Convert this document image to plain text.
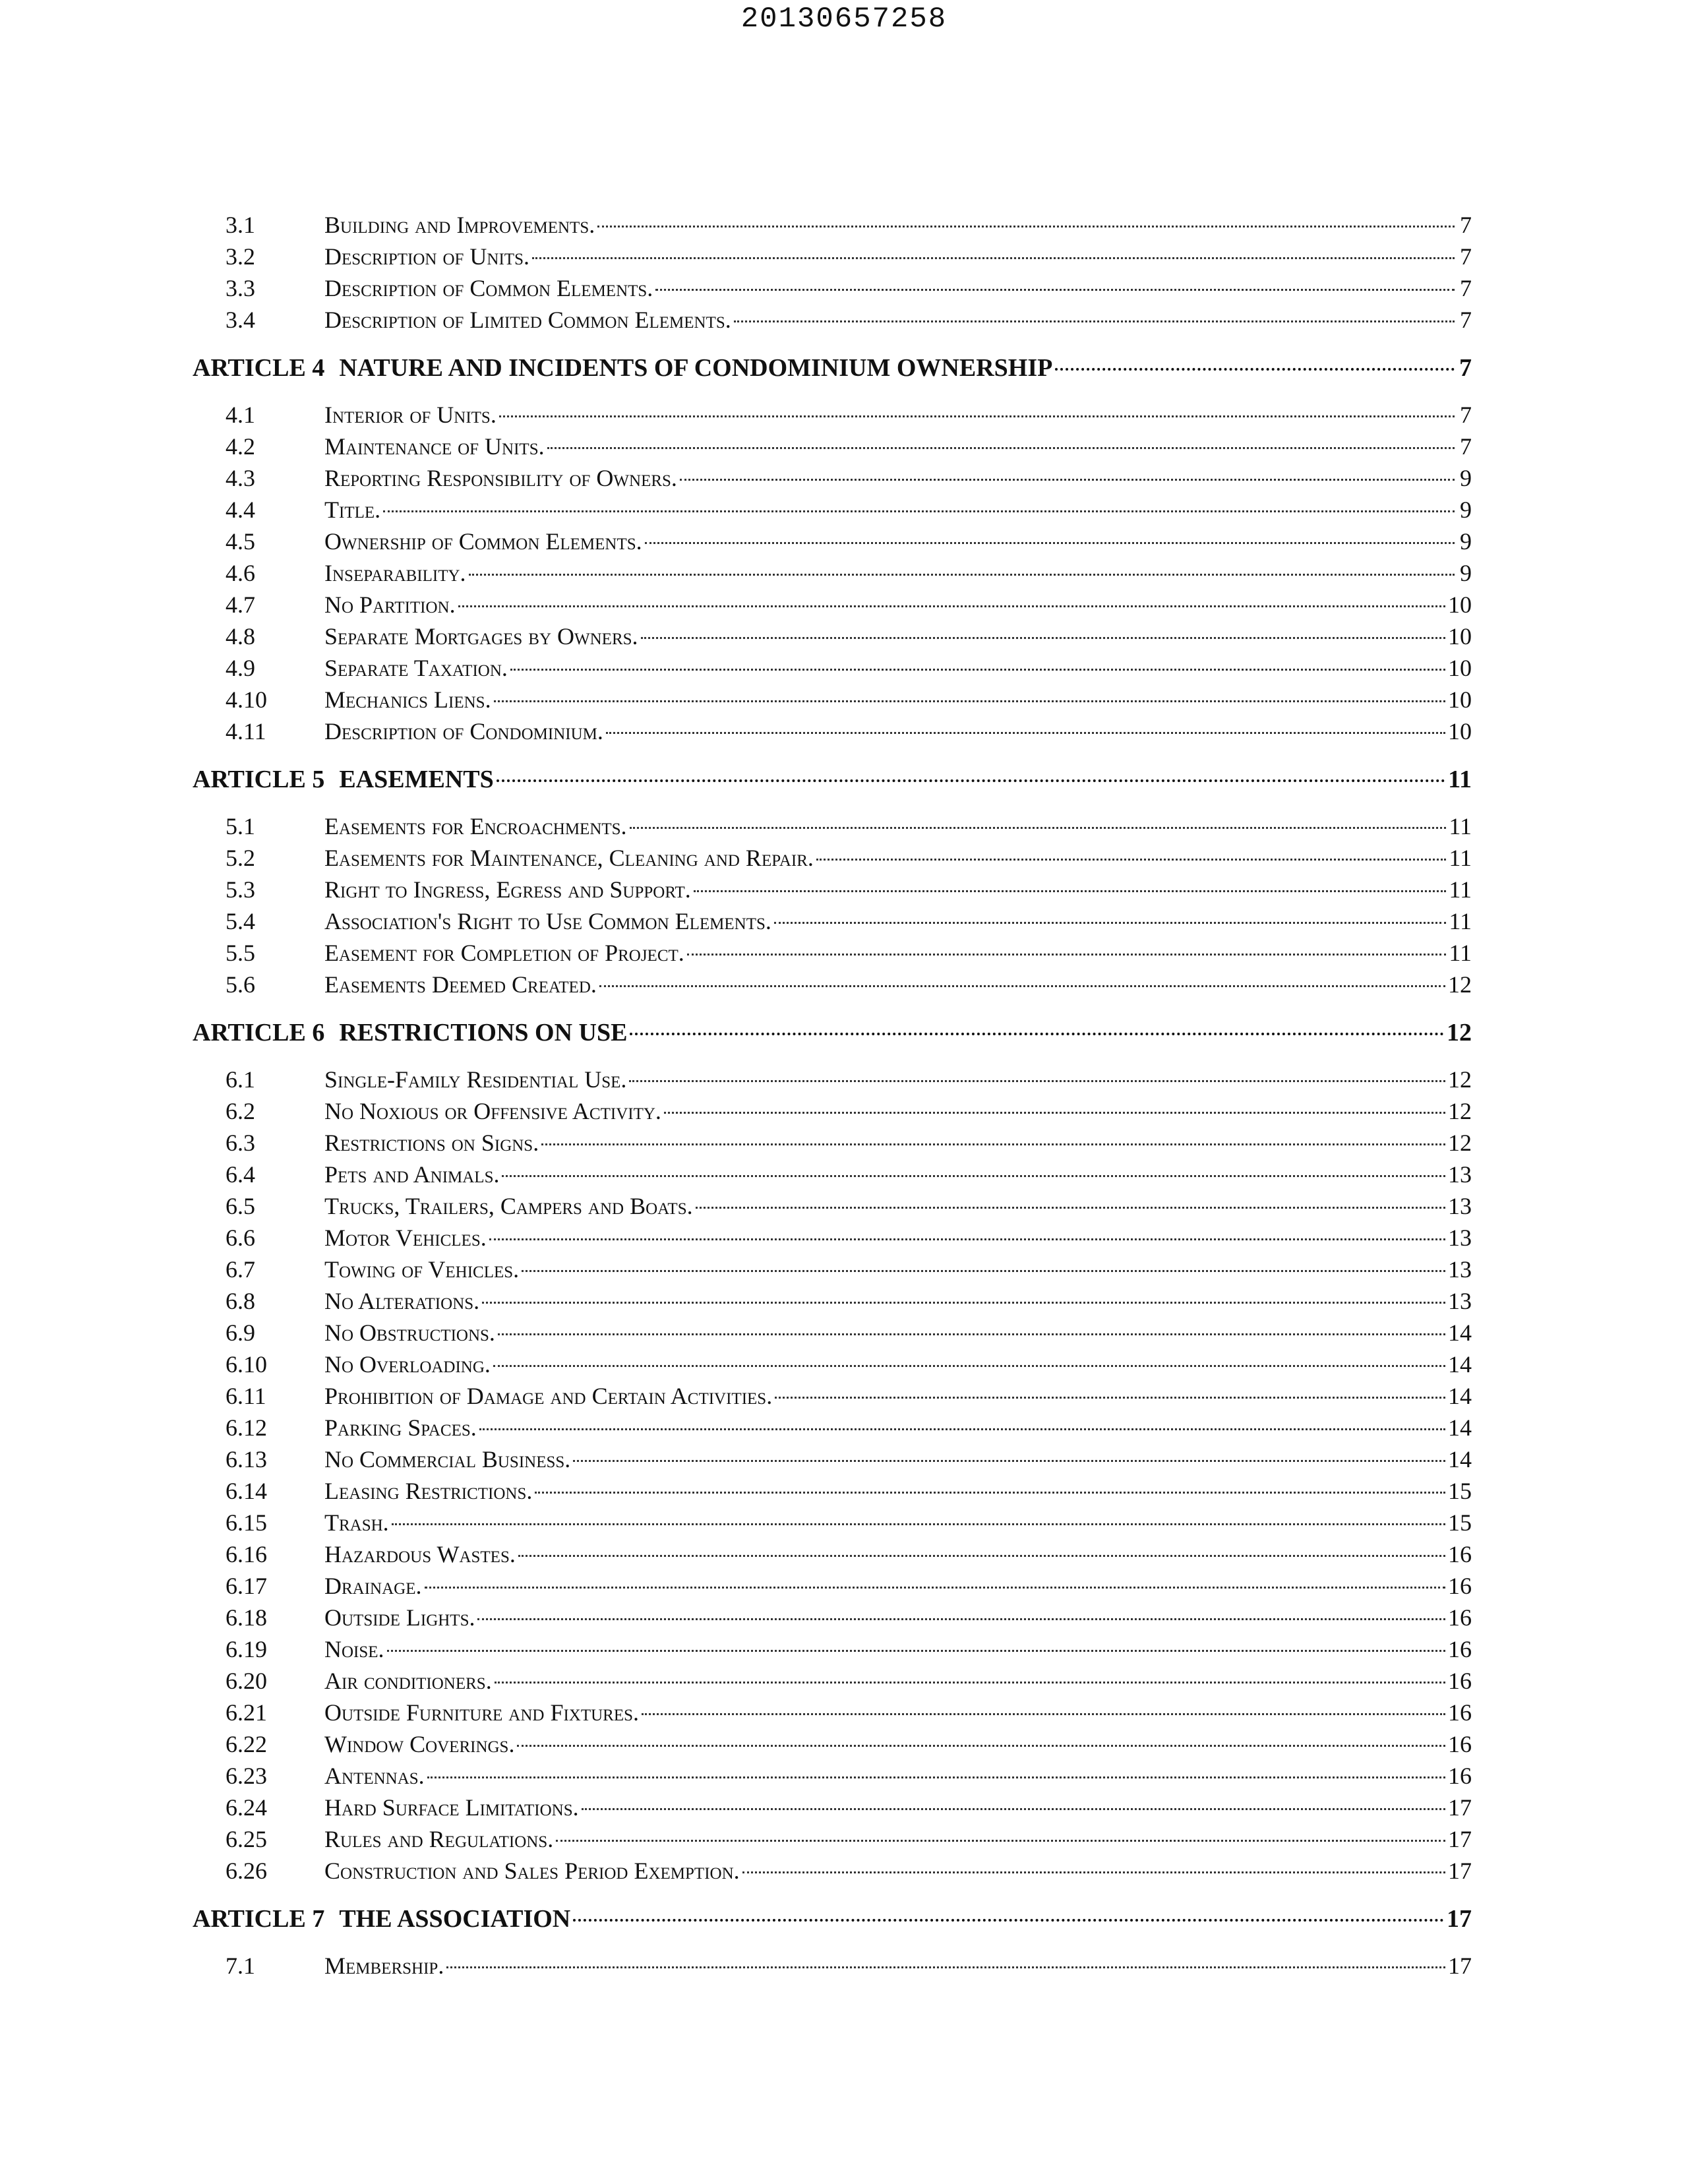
20130657258
3.1	Building and Improvements.	7
3.2	Description of Units.	7
3.3	Description of Common Elements.	7
3.4	Description of Limited Common Elements.	7
ARTICLE 4 NATURE AND INCIDENTS OF CONDOMINIUM OWNERSHIP	7
4.1	Interior of Units.	7
4.2	Maintenance of Units.	7
4.3	Reporting Responsibility of Owners.	9
4.4	Title.	9
4.5	Ownership of Common Elements.	9
4.6	Inseparability.	9
4.7	No Partition.	10
4.8	Separate Mortgages by Owners.	10
4.9	Separate Taxation.	10
4.10	Mechanics Liens.	10
4.11	Description of Condominium.	10
ARTICLE 5 EASEMENTS	11
5.1	Easements for Encroachments.	11
5.2	Easements for Maintenance, Cleaning and Repair.	11
5.3	Right to Ingress, Egress and Support.	11
5.4	Association's Right to Use Common Elements.	11
5.5	Easement for Completion of Project.	11
5.6	Easements Deemed Created.	12
ARTICLE 6 RESTRICTIONS ON USE	12
6.1	Single-Family Residential Use.	12
6.2	No Noxious or Offensive Activity.	12
6.3	Restrictions on Signs.	12
6.4	Pets and Animals.	13
6.5	Trucks, Trailers, Campers and Boats.	13
6.6	Motor Vehicles.	13
6.7	Towing of Vehicles.	13
6.8	No Alterations.	13
6.9	No Obstructions.	14
6.10	No Overloading.	14
6.11	Prohibition of Damage and Certain Activities.	14
6.12	Parking Spaces.	14
6.13	No Commercial Business.	14
6.14	Leasing Restrictions.	15
6.15	Trash.	15
6.16	Hazardous Wastes.	16
6.17	Drainage.	16
6.18	Outside Lights.	16
6.19	Noise.	16
6.20	Air conditioners.	16
6.21	Outside Furniture and Fixtures.	16
6.22	Window Coverings.	16
6.23	Antennas.	16
6.24	Hard Surface Limitations.	17
6.25	Rules and Regulations.	17
6.26	Construction and Sales Period Exemption.	17
ARTICLE 7 THE ASSOCIATION	17
7.1	Membership.	17
